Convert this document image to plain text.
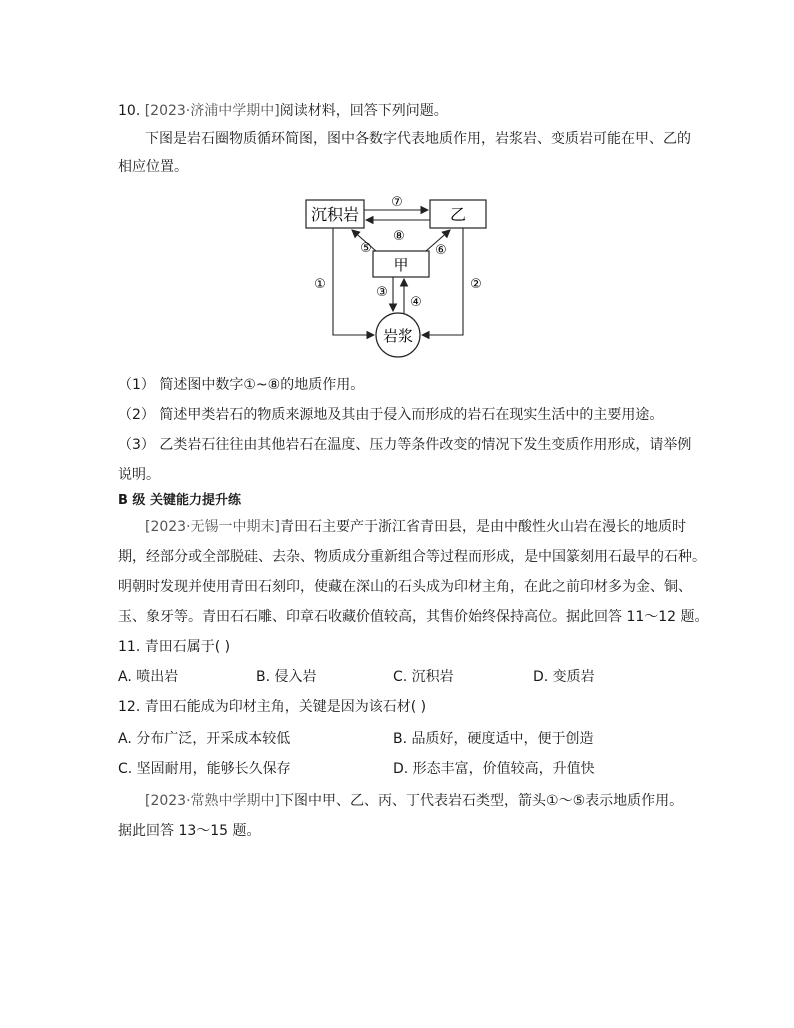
10. [2023·济浦中学期中]阅读材料，回答下列问题。
下图是岩石圈物质循环简图，图中各数字代表地质作用，岩浆岩、变质岩可能在甲、乙的
相应位置。
沉积岩	乙
甲
岩浆
⑦
⑧
⑤	⑥
③
④
①	②
（1） 简述图中数字①~⑧的地质作用。
（2） 简述甲类岩石的物质来源地及其由于侵入而形成的岩石在现实生活中的主要用途。
（3） 乙类岩石往往由其他岩石在温度、压力等条件改变的情况下发生变质作用形成，请举例
说明。
B 级 关键能力提升练
[2023·无锡一中期末]青田石主要产于浙江省青田县，是由中酸性火山岩在漫长的地质时
期，经部分或全部脱硅、去杂、物质成分重新组合等过程而形成，是中国篆刻用石最早的石种。
明朝时发现并使用青田石刻印，使藏在深山的石头成为印材主角，在此之前印材多为金、铜、
玉、象牙等。青田石石雕、印章石收藏价值较高，其售价始终保持高位。据此回答 11～12 题。
11. 青田石属于( )
A. 喷出岩	B. 侵入岩	C. 沉积岩	D. 变质岩
12. 青田石能成为印材主角，关键是因为该石材( )
A. 分布广泛，开采成本较低	B. 品质好，硬度适中，便于创造
C. 坚固耐用，能够长久保存	D. 形态丰富，价值较高，升值快
[2023·常熟中学期中]下图中甲、乙、丙、丁代表岩石类型，箭头①～⑤表示地质作用。
据此回答 13～15 题。
